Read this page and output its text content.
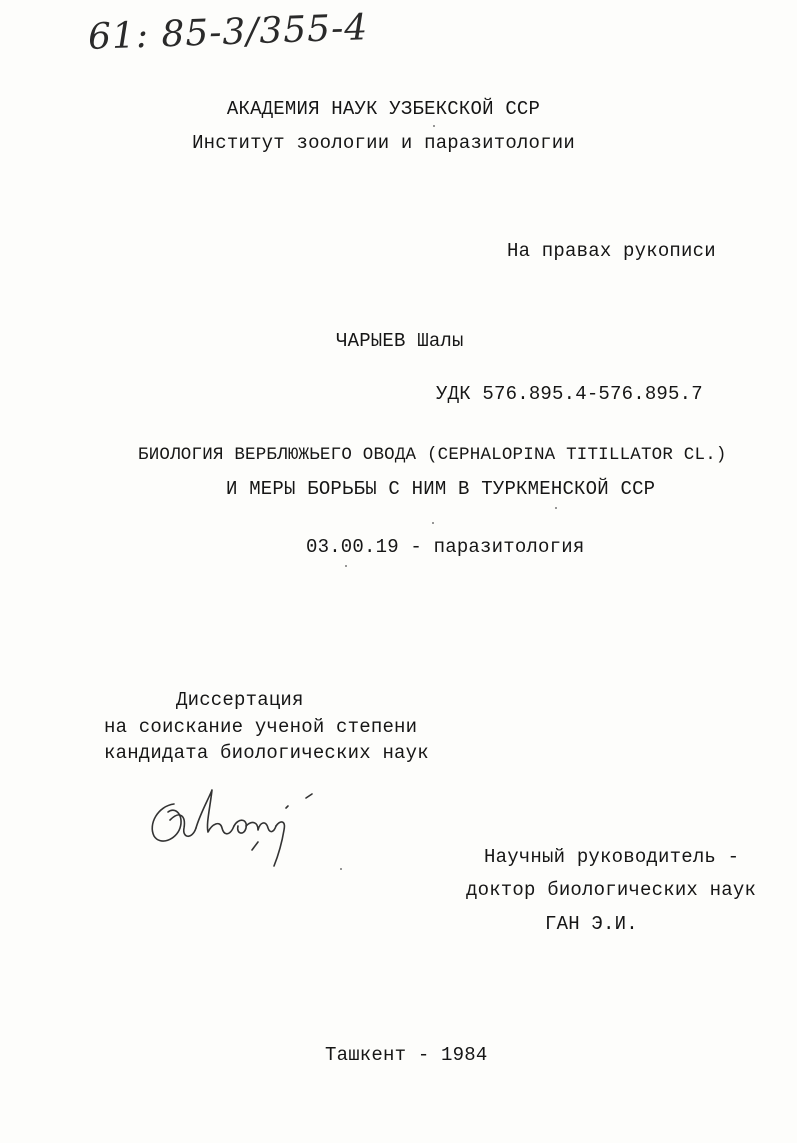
61: 85-3/355-4
АКАДЕМИЯ НАУК УЗБЕКСКОЙ ССР
Институт зоологии и паразитологии
На правах рукописи
ЧАРЫЕВ Шалы
УДК 576.895.4-576.895.7
БИОЛОГИЯ ВЕРБЛЮЖЬЕГО ОВОДА (CEPHALOPINA TITILLATOR CL.)
И МЕРЫ БОРЬБЫ С НИМ В ТУРКМЕНСКОЙ ССР
03.00.19 - паразитология
Диссертация
на соискание ученой степени
кандидата биологических наук
Научный руководитель -
доктор биологических наук
ГАН Э.И.
Ташкент - 1984
